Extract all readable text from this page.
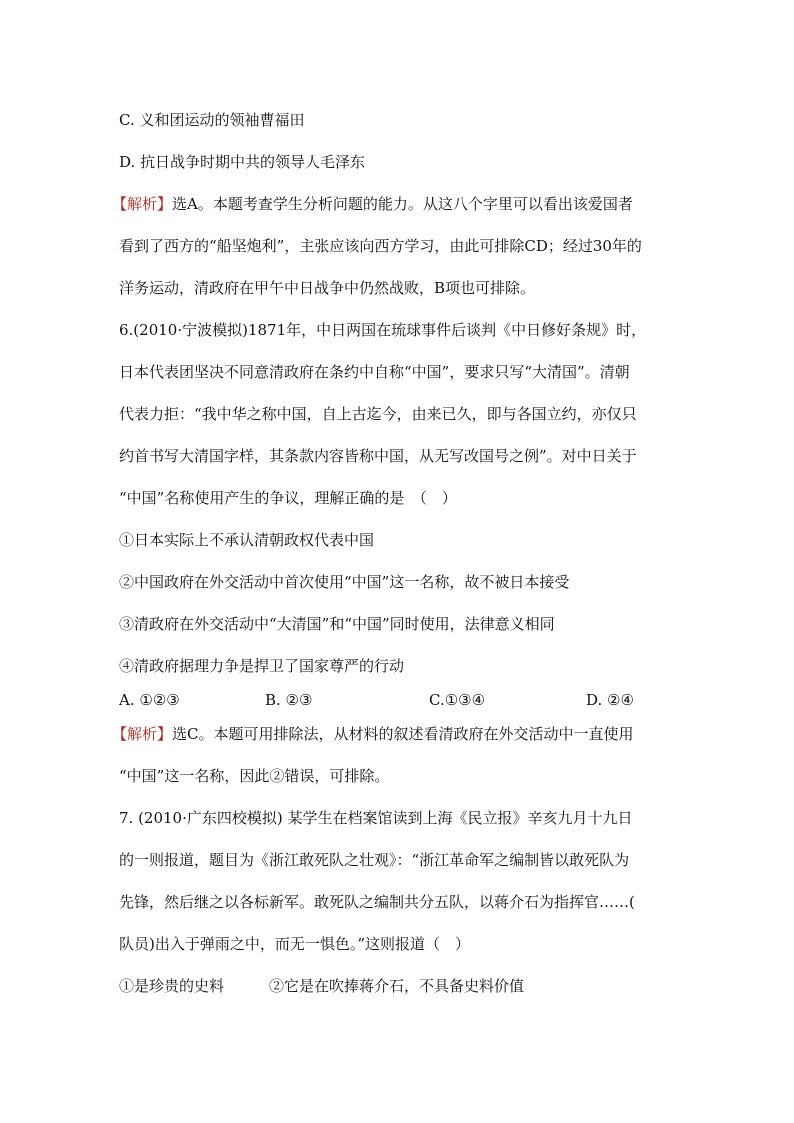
C. 义和团运动的领袖曹福田
D. 抗日战争时期中共的领导人毛泽东
【解析】选A。本题考查学生分析问题的能力。从这八个字里可以看出该爱国者
看到了西方的“船坚炮利”，主张应该向西方学习，由此可排除CD；经过30年的
洋务运动，清政府在甲午中日战争中仍然战败，B项也可排除。
6.(2010·宁波模拟)1871年，中日两国在琉球事件后谈判《中日修好条规》时，
日本代表团坚决不同意清政府在条约中自称“中国”，要求只写“大清国”。清朝
代表力拒：“我中华之称中国，自上古迄今，由来已久，即与各国立约，亦仅只
约首书写大清国字样，其条款内容皆称中国，从无写改国号之例”。对中日关于
“中国”名称使用产生的争议，理解正确的是　（　）
①日本实际上不承认清朝政权代表中国
②中国政府在外交活动中首次使用“中国”这一名称，故不被日本接受
③清政府在外交活动中“大清国”和“中国”同时使用，法律意义相同
④清政府据理力争是捍卫了国家尊严的行动
A. ①②③	B. ②③	C.①③④	D. ②④
【解析】选C。本题可用排除法，从材料的叙述看清政府在外交活动中一直使用
“中国”这一名称，因此②错误，可排除。
7. (2010·广东四校模拟) 某学生在档案馆读到上海《民立报》辛亥九月十九日
的一则报道，题目为《浙江敢死队之壮观》：“浙江革命军之编制皆以敢死队为
先锋，然后继之以各标新军。敢死队之编制共分五队，以蒋介石为指挥官……(
队员)出入于弹雨之中，而无一惧色。”这则报道（　）
①是珍贵的史料　　　②它是在吹捧蒋介石，不具备史料价值
